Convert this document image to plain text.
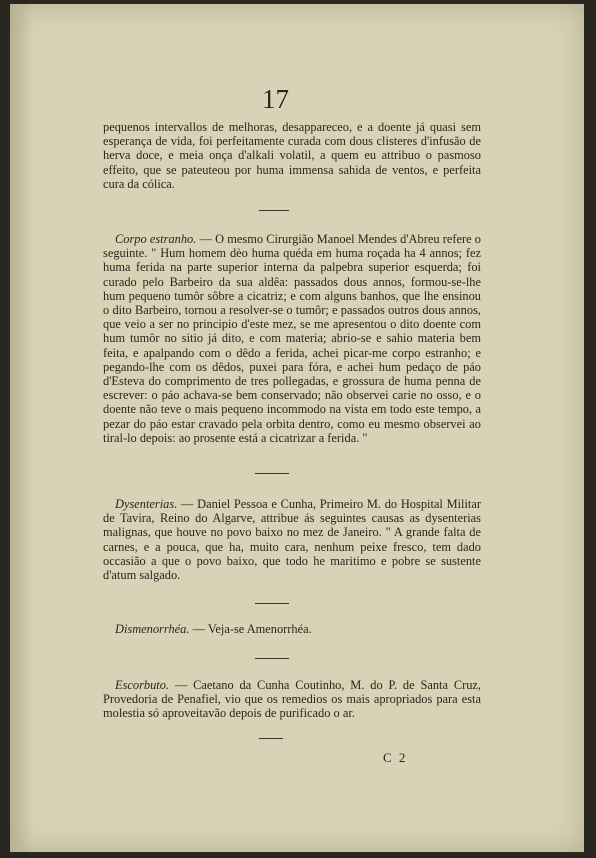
17

pequenos intervallos de melhoras, desappareceo, e a doente já quasi sem esperança de vida, foi perfeitamente curada com dous clisteres d'infusão de herva doce, e meia onça d'alkali volatil, a quem eu attribuo o pasmoso effeito, que se pateuteou por huma immensa sahida de ventos, e perfeita cura da cólica.

Corpo estranho. — O mesmo Cirurgião Manoel Mendes d'Abreu refere o seguinte. " Hum homem dèo huma quéda em huma roçada ha 4 annos; fez huma ferida na parte superior interna da palpebra superior esquerda; foi curado pelo Barbeiro da sua aldêa: passados dous annos, formou-se-lhe hum pequeno tumôr sôbre a cicatriz; e com alguns banhos, que lhe ensinou o dito Barbeiro, tornou a resolver-se o tumôr; e passados outros dous annos, que veio a ser no principio d'este mez, se me apresentou o dito doente com hum tumôr no sitio já dito, e com materia; abrio-se e sahio materia bem feita, e apalpando com o dêdo a ferida, achei picar-me corpo estranho; e pegando-lhe com os dêdos, puxei para fóra, e achei hum pedaço de páo d'Esteva do comprimento de tres pollegadas, e grossura de huma penna de escrever: o páo achava-se bem conservado; não observei carie no osso, e o doente não teve o mais pequeno incommodo na vista em todo este tempo, a pezar do páo estar cravado pela orbita dentro, como eu mesmo observei ao tiral-lo depois: ao prosente está a cicatrizar a ferida. "

Dysenterias. — Daniel Pessoa e Cunha, Primeiro M. do Hospital Militar de Tavira, Reino do Algarve, attribue ás seguintes causas as dysenterias malignas, que houve no povo baixo no mez de Janeiro. " A grande falta de carnes, e a pouca, que ha, muito cara, nenhum peixe fresco, tem dado occasião a que o povo baixo, que todo he maritimo e pobre se sustente d'atum salgado.

Dismenorrhéa. — Veja-se Amenorrhéa.

Escorbuto. — Caetano da Cunha Coutinho, M. do P. de Santa Cruz, Provedoria de Penafiel, vio que os remedios os mais apropriados para esta molestia só aproveitavão depois de purificado o ar.

C 2
